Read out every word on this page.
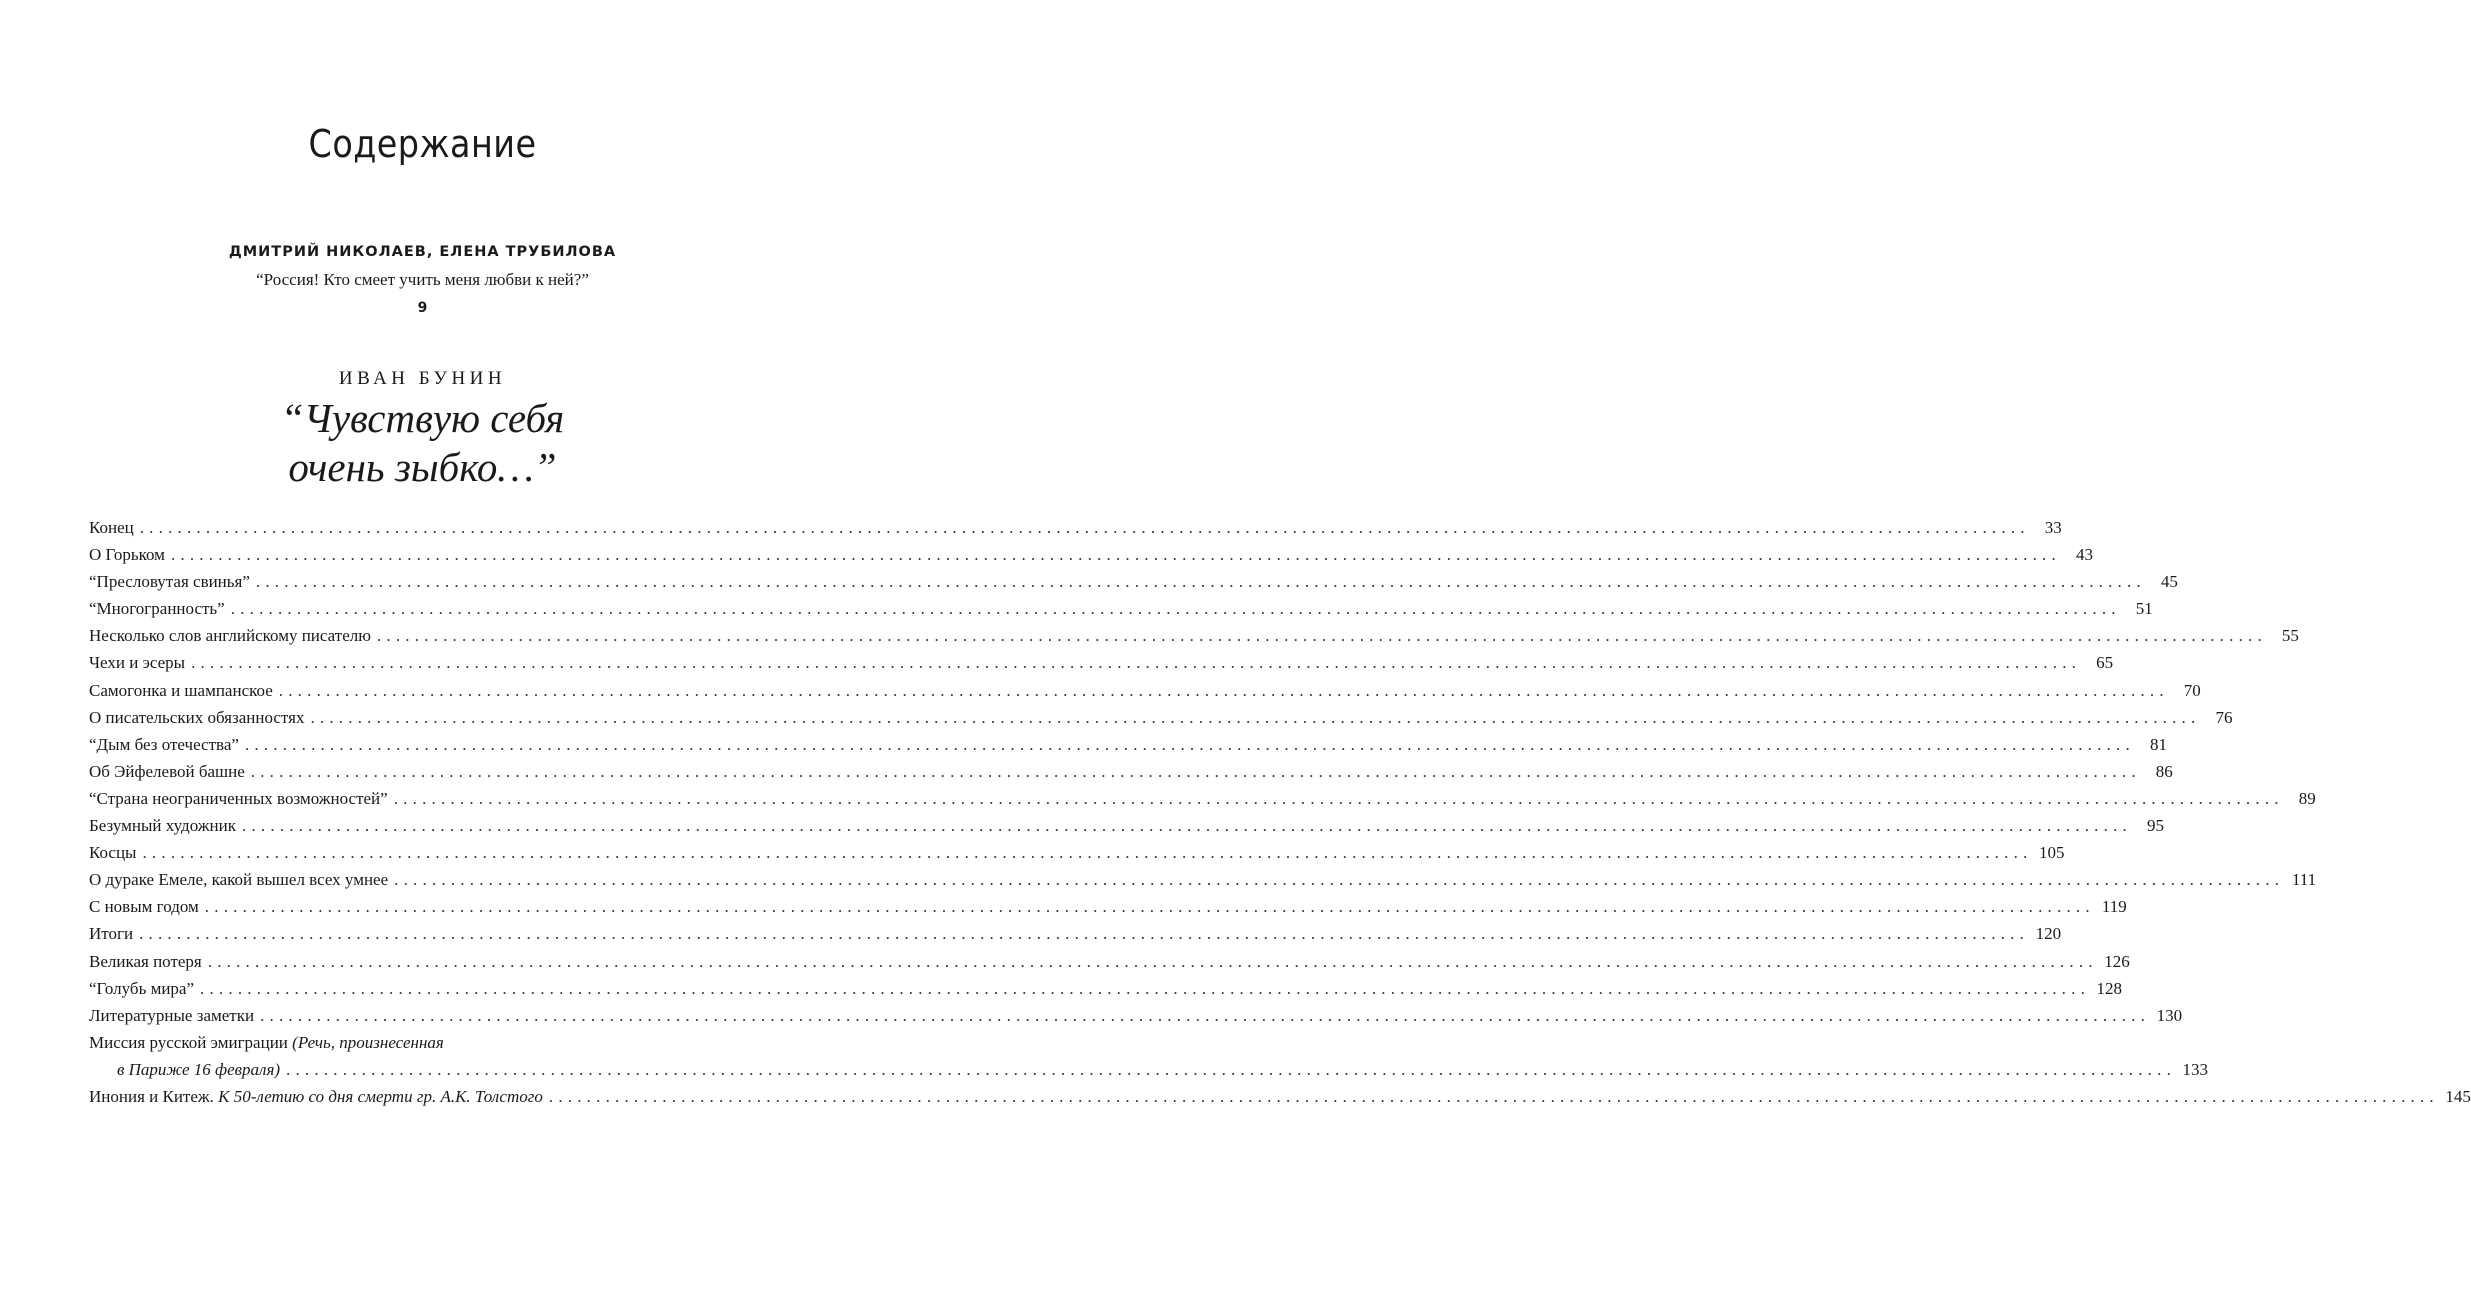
Содержание
ДМИТРИЙ НИКОЛАЕВ, ЕЛЕНА ТРУБИЛОВА
“Россия! Кто смеет учить меня любви к ней?”
9
ИВАН БУНИН
“Чувствую себя
очень зыбко…”
Конец ........................................................................................................................................................................................................ 33
О Горьком ........................................................................................................................................................................................................ 43
“Пресловутая свинья” ........................................................................................................................................................................................................ 45
“Многогранность” ........................................................................................................................................................................................................ 51
Несколько слов английскому писателю ........................................................................................................................................................................................................ 55
Чехи и эсеры ........................................................................................................................................................................................................ 65
Самогонка и шампанское ........................................................................................................................................................................................................ 70
О писательских обязанностях ........................................................................................................................................................................................................ 76
“Дым без отечества” ........................................................................................................................................................................................................ 81
Об Эйфелевой башне ........................................................................................................................................................................................................ 86
“Страна неограниченных возможностей” ........................................................................................................................................................................................................ 89
Безумный художник ........................................................................................................................................................................................................ 95
Косцы ........................................................................................................................................................................................................ 105
О дураке Емеле, какой вышел всех умнее ........................................................................................................................................................................................................ 111
С новым годом ........................................................................................................................................................................................................ 119
Итоги ........................................................................................................................................................................................................ 120
Великая потеря ........................................................................................................................................................................................................ 126
“Голубь мира” ........................................................................................................................................................................................................ 128
Литературные заметки ........................................................................................................................................................................................................ 130
Миссия русской эмиграции (Речь, произнесенная
в Париже 16 февраля) ........................................................................................................................................................................................................ 133
Инония и Китеж. К 50-летию со дня смерти гр. А.К. Толстого ........................................................................................................................................................................................................ 145
